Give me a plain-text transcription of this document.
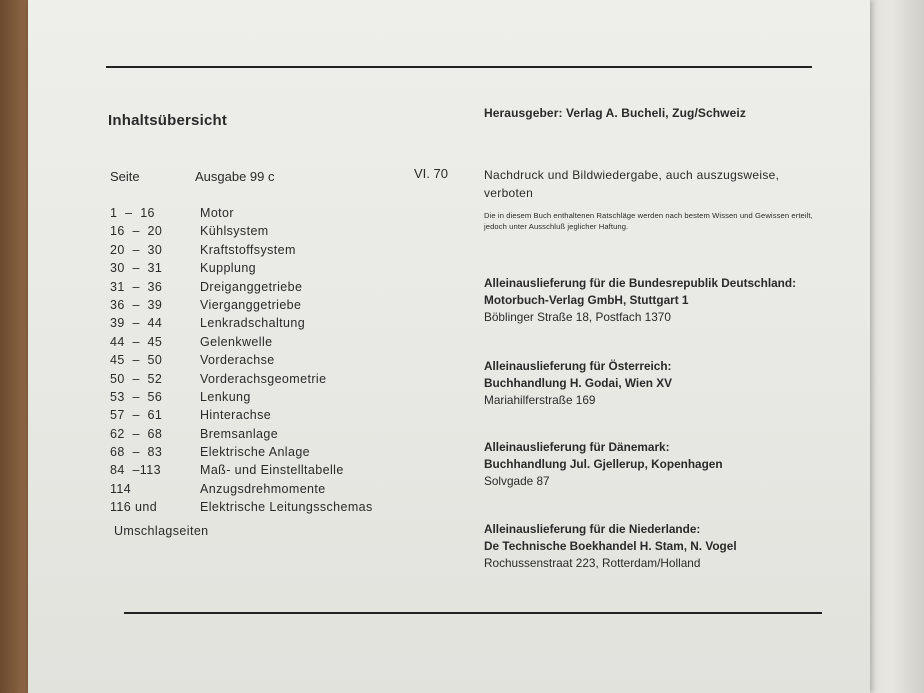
Inhaltsübersicht
Seite	Ausgabe 99 c	VI. 70
1  –  16	Motor
16  –  20	Kühlsystem
20  –  30	Kraftstoffsystem
30  –  31	Kupplung
31  –  36	Dreiganggetriebe
36  –  39	Vierganggetriebe
39  –  44	Lenkradschaltung
44  –  45	Gelenkwelle
45  –  50	Vorderachse
50  –  52	Vorderachsgeometrie
53  –  56	Lenkung
57  –  61	Hinterachse
62  –  68	Bremsanlage
68  –  83	Elektrische Anlage
84  –113	Maß- und Einstelltabelle
114	Anzugsdrehmomente
116 und	Elektrische Leitungsschemas
Umschlagseiten
Herausgeber: Verlag A. Bucheli, Zug/Schweiz
Nachdruck und Bildwiedergabe, auch auszugsweise, verboten
Die in diesem Buch enthaltenen Ratschläge werden nach bestem Wissen und Gewissen erteilt, jedoch unter Ausschluß jeglicher Haftung.
Alleinauslieferung für die Bundesrepublik Deutschland:
Motorbuch-Verlag GmbH, Stuttgart 1
Böblinger Straße 18, Postfach 1370
Alleinauslieferung für Österreich:
Buchhandlung H. Godai, Wien XV
Mariahilferstraße 169
Alleinauslieferung für Dänemark:
Buchhandlung Jul. Gjellerup, Kopenhagen
Solvgade 87
Alleinauslieferung für die Niederlande:
De Technische Boekhandel H. Stam, N. Vogel
Rochussenstraat 223, Rotterdam/Holland
